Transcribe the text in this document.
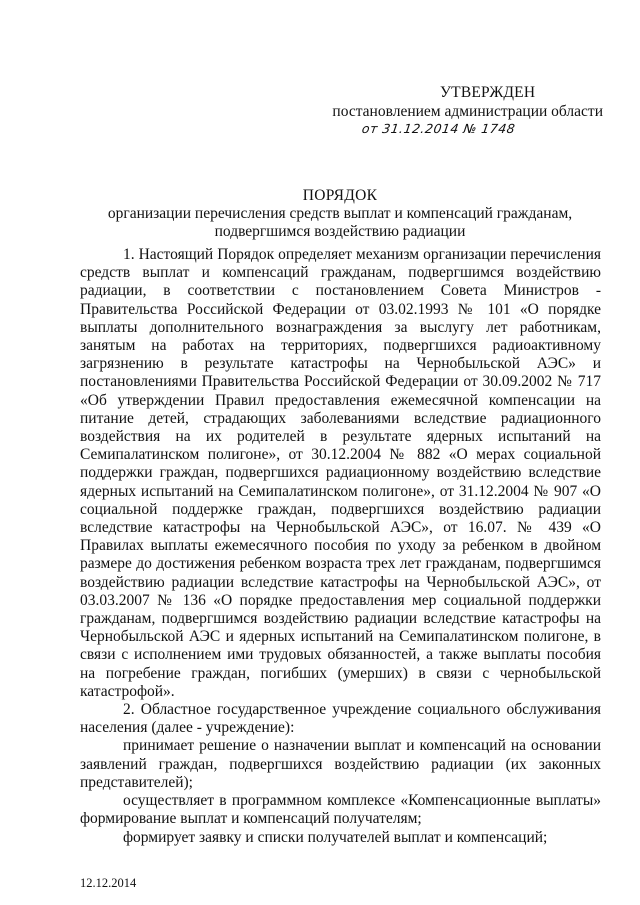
УТВЕРЖДЕН
постановлением администрации области
от 31.12.2014 № 1748
ПОРЯДОК
организации перечисления средств выплат и компенсаций гражданам,
подвергшимся воздействию радиации

1. Настоящий Порядок определяет механизм организации перечисления средств выплат и компенсаций гражданам, подвергшимся воздействию радиации, в соответствии с постановлением Совета Министров - Правительства Российской Федерации от 03.02.1993 № 101 «О порядке выплаты дополнительного вознаграждения за выслугу лет работникам, занятым на работах на территориях, подвергшихся радиоактивному загрязнению в результате катастрофы на Чернобыльской АЭС» и постановлениями Правительства Российской Федерации от 30.09.2002 № 717 «Об утверждении Правил предоставления ежемесячной компенсации на питание детей, страдающих заболеваниями вследствие радиационного воздействия на их родителей в результате ядерных испытаний на Семипалатинском полигоне», от 30.12.2004 № 882 «О мерах социальной поддержки граждан, подвергшихся радиационному воздействию вследствие ядерных испытаний на Семипалатинском полигоне», от 31.12.2004 № 907 «О социальной поддержке граждан, подвергшихся воздействию радиации вследствие катастрофы на Чернобыльской АЭС», от 16.07. № 439 «О Правилах выплаты ежемесячного пособия по уходу за ребенком в двойном размере до достижения ребенком возраста трех лет гражданам, подвергшимся воздействию радиации вследствие катастрофы на Чернобыльской АЭС», от 03.03.2007 № 136 «О порядке предоставления мер социальной поддержки гражданам, подвергшимся воздействию радиации вследствие катастрофы на Чернобыльской АЭС и ядерных испытаний на Семипалатинском полигоне, в связи с исполнением ими трудовых обязанностей, а также выплаты пособия на погребение граждан, погибших (умерших) в связи с чернобыльской катастрофой».

2. Областное государственное учреждение социального обслуживания населения (далее - учреждение):

принимает решение о назначении выплат и компенсаций на основании заявлений граждан, подвергшихся воздействию радиации (их законных представителей);

осуществляет в программном комплексе «Компенсационные выплаты» формирование выплат и компенсаций получателям;

формирует заявку и списки получателей выплат и компенсаций;

12.12.2014
